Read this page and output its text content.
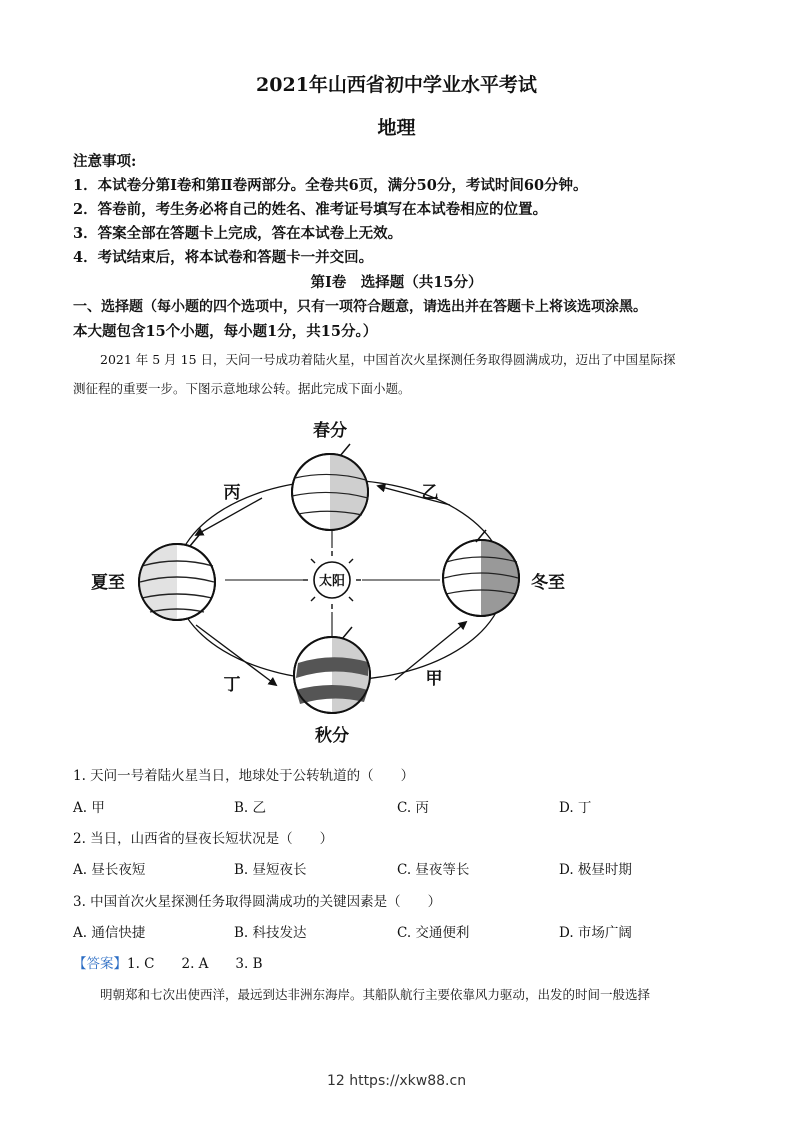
2021年山西省初中学业水平考试
地理
注意事项:
1．本试卷分第Ⅰ卷和第Ⅱ卷两部分。全卷共6页，满分50分，考试时间60分钟。
2．答卷前，考生务必将自己的姓名、准考证号填写在本试卷相应的位置。
3．答案全部在答题卡上完成，答在本试卷上无效。
4．考试结束后，将本试卷和答题卡一并交回。
第Ⅰ卷　选择题（共15分）
一、选择题（每小题的四个选项中，只有一项符合题意，请选出并在答题卡上将该选项涂黑。
本大题包含15个小题，每小题1分，共15分。）
2021 年 5 月 15 日，天问一号成功着陆火星，中国首次火星探测任务取得圆满成功，迈出了中国星际探
测征程的重要一步。下图示意地球公转。据此完成下面小题。
太阳
春分
秋分
夏至	冬至
丙	乙
丁	甲
1. 天问一号着陆火星当日，地球处于公转轨道的（　　）
A. 甲	B. 乙	C. 丙	D. 丁
2. 当日，山西省的昼夜长短状况是（　　）
A. 昼长夜短	B. 昼短夜长	C. 昼夜等长	D. 极昼时期
3. 中国首次火星探测任务取得圆满成功的关键因素是（　　）
A. 通信快捷	B. 科技发达	C. 交通便利	D. 市场广阔
【答案】1. C　　2. A　　3. B
明朝郑和七次出使西洋，最远到达非洲东海岸。其船队航行主要依靠风力驱动，出发的时间一般选择
12 https://xkw88.cn
